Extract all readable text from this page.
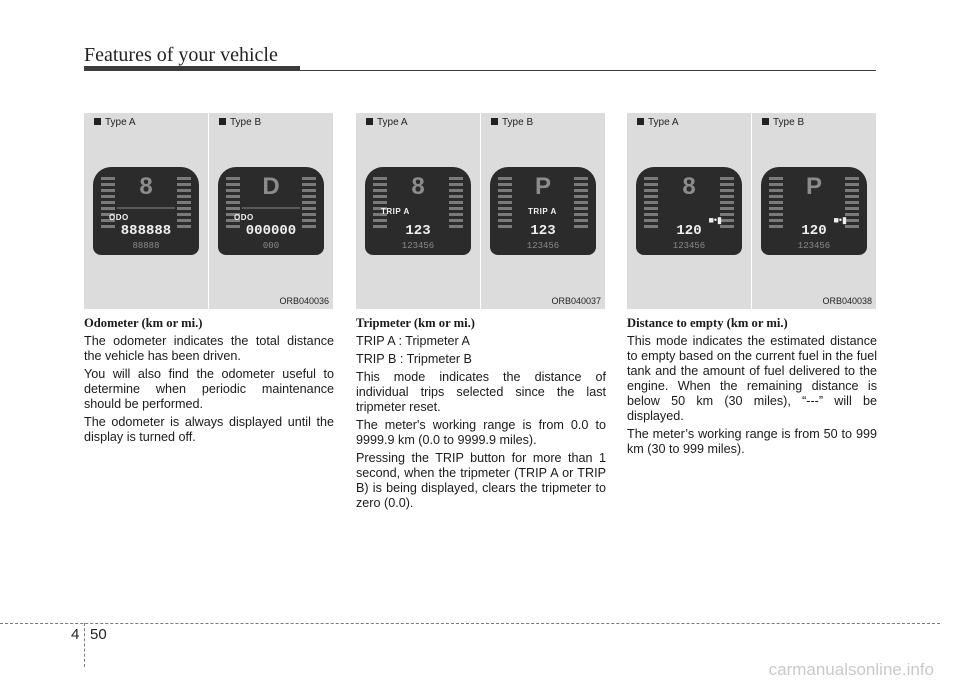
Features of your vehicle
Type A
8
ODO
888888
88888
Type B
D
ODO
000000
000
ORB040036
Type A
8
TRIP A
123
123456
Type B
P
TRIP A
123
123456
ORB040037
Type A
8
■•▮
120
123456
Type B
P
■•▮
120
123456
ORB040038
Odometer (km or mi.)

The odometer indicates the total distance the vehicle has been driven.

You will also find the odometer useful to determine when periodic maintenance should be performed.

The odometer is always displayed until the display is turned off.

Tripmeter (km or mi.)

TRIP A : Tripmeter A

TRIP B : Tripmeter B

This mode indicates the distance of individual trips selected since the last tripmeter reset.

The meter's working range is from 0.0 to 9999.9 km (0.0 to 9999.9 miles).

Pressing the TRIP button for more than 1 second, when the tripmeter (TRIP A or TRIP B) is being displayed, clears the tripmeter to zero (0.0).

Distance to empty (km or mi.)

This mode indicates the estimated distance to empty based on the current fuel in the fuel tank and the amount of fuel delivered to the engine. When the remaining distance is below 50 km (30 miles), “---” will be displayed.

The meter’s working range is from 50 to 999 km (30 to 999 miles).

4 50
carmanualsonline.info
